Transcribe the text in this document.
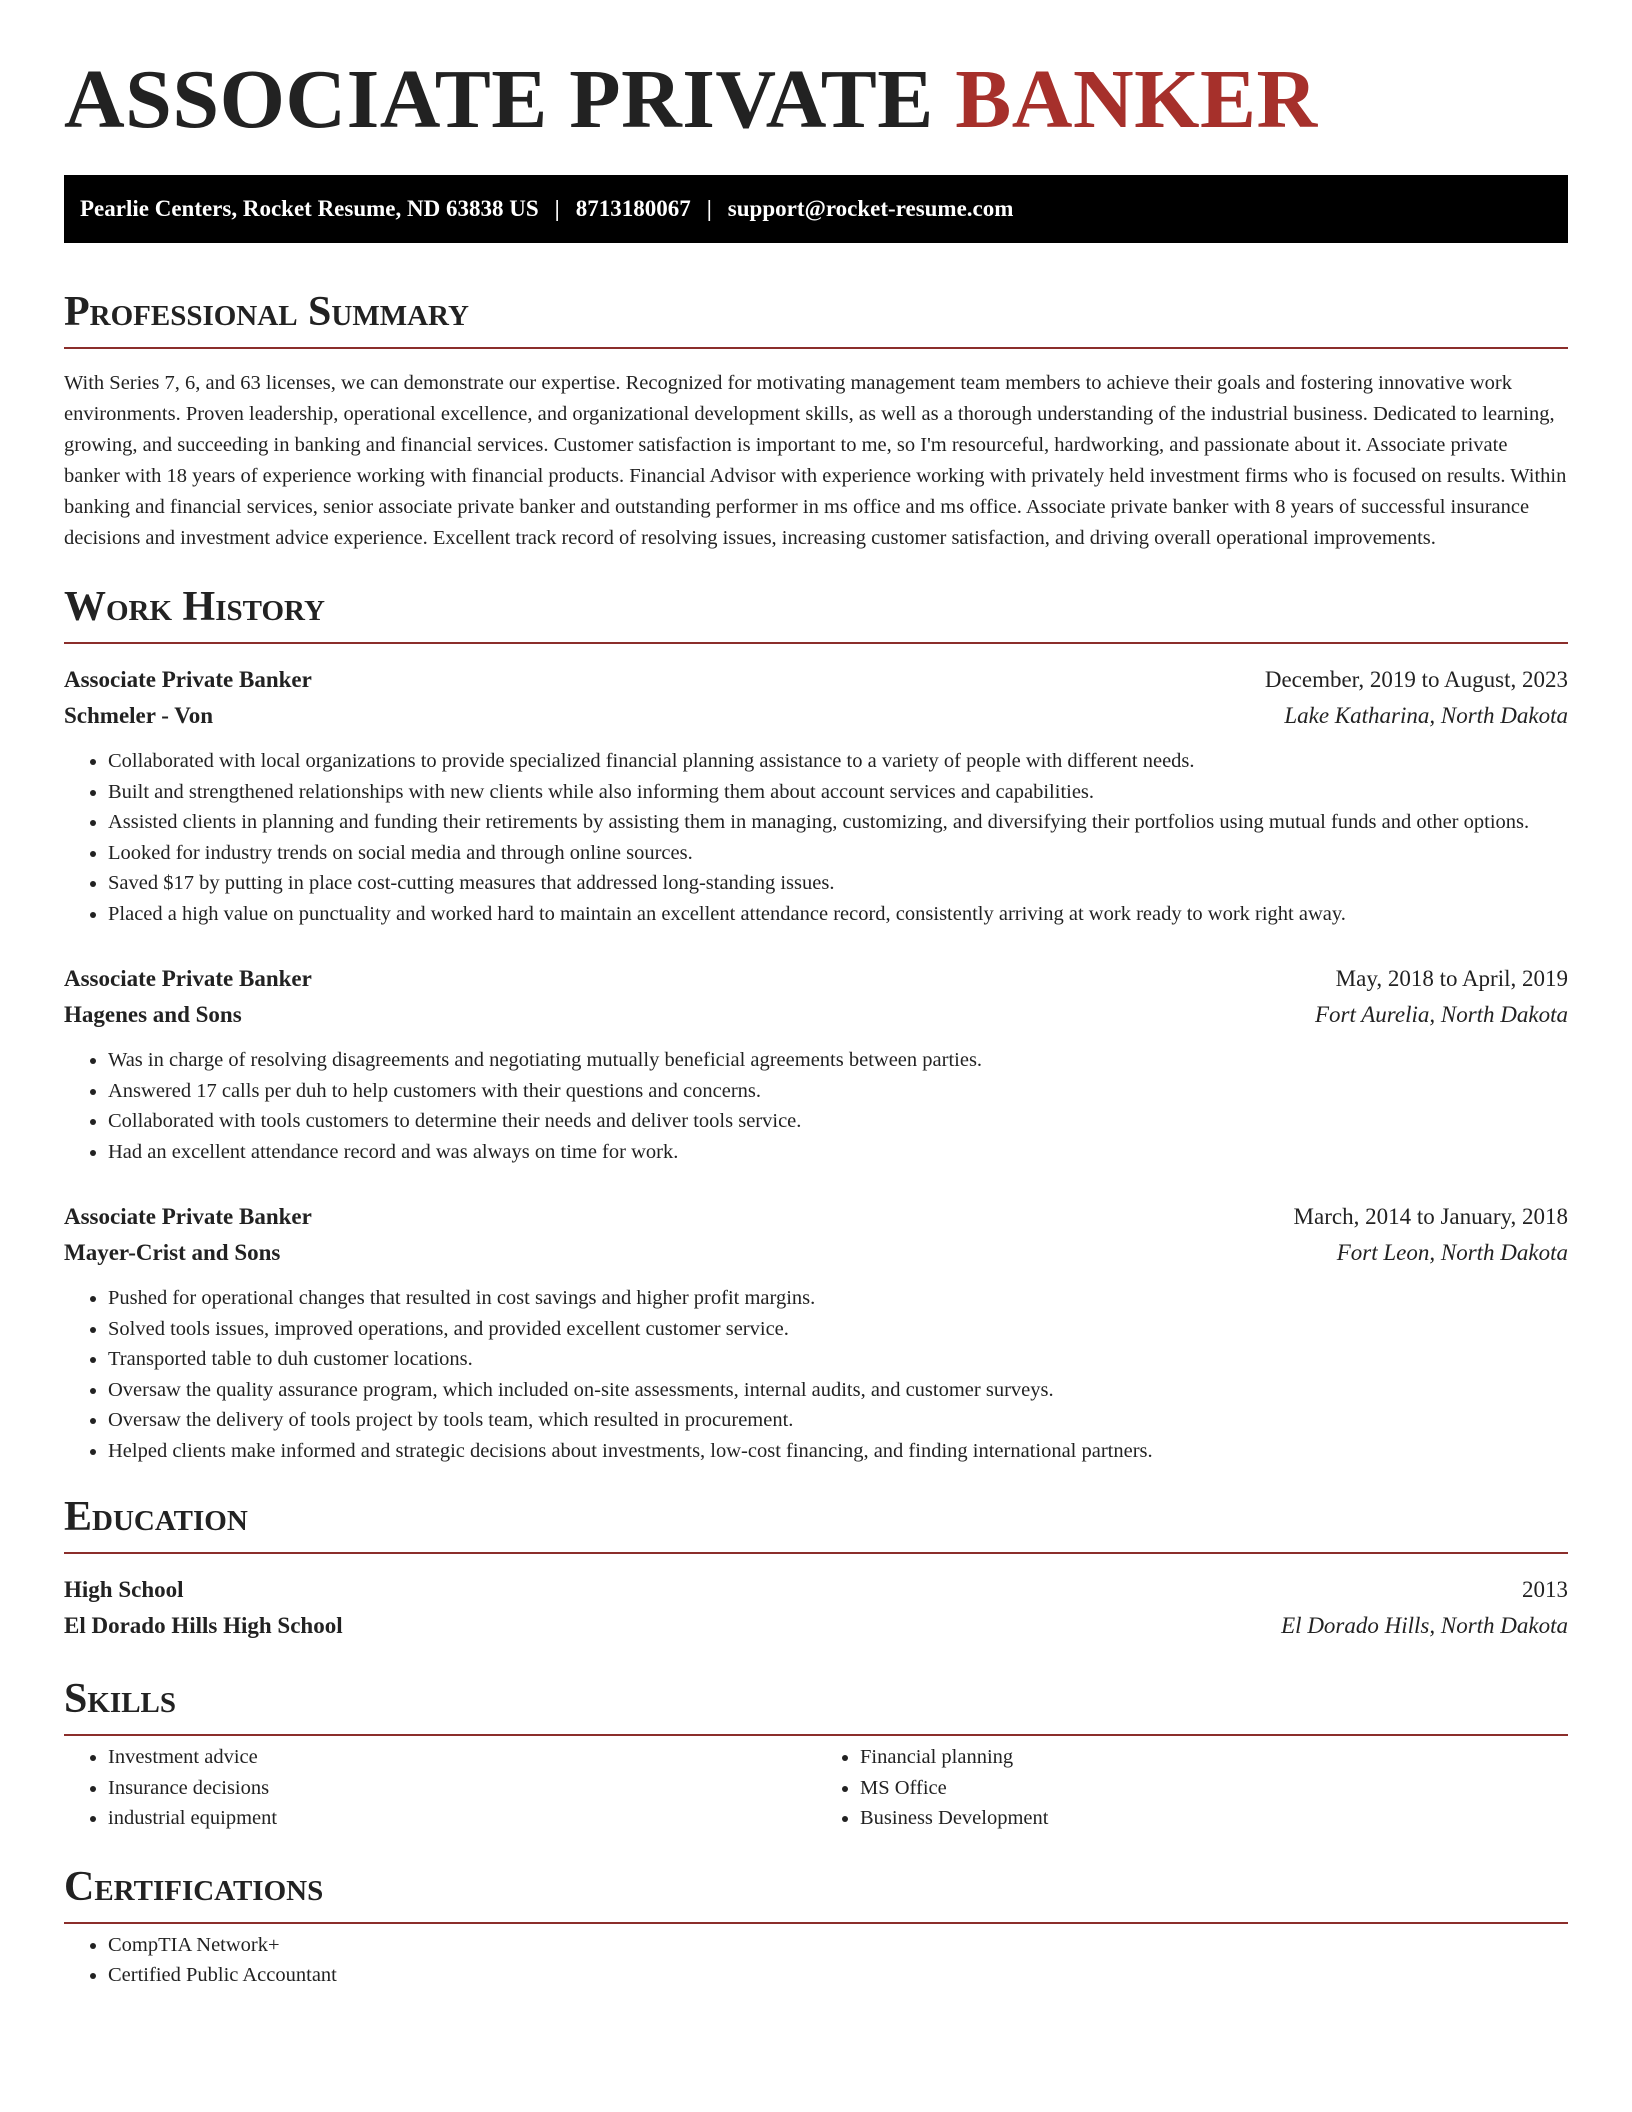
ASSOCIATE PRIVATE BANKER
Pearlie Centers, Rocket Resume, ND 63838 US | 8713180067 | support@rocket-resume.com
Professional Summary

With Series 7, 6, and 63 licenses, we can demonstrate our expertise. Recognized for motivating management team members to achieve their goals and fostering innovative work environments. Proven leadership, operational excellence, and organizational development skills, as well as a thorough understanding of the industrial business. Dedicated to learning, growing, and succeeding in banking and financial services. Customer satisfaction is important to me, so I'm resourceful, hardworking, and passionate about it. Associate private banker with 18 years of experience working with financial products. Financial Advisor with experience working with privately held investment firms who is focused on results. Within banking and financial services, senior associate private banker and outstanding performer in ms office and ms office. Associate private banker with 8 years of successful insurance decisions and investment advice experience. Excellent track record of resolving issues, increasing customer satisfaction, and driving overall operational improvements.

Work History
Associate Private Banker	December, 2019 to August, 2023
Schmeler - Von	Lake Katharina, North Dakota
• Collaborated with local organizations to provide specialized financial planning assistance to a variety of people with different needs.
• Built and strengthened relationships with new clients while also informing them about account services and capabilities.
• Assisted clients in planning and funding their retirements by assisting them in managing, customizing, and diversifying their portfolios using mutual funds and other options.
• Looked for industry trends on social media and through online sources.
• Saved $17 by putting in place cost-cutting measures that addressed long-standing issues.
• Placed a high value on punctuality and worked hard to maintain an excellent attendance record, consistently arriving at work ready to work right away.
Associate Private Banker	May, 2018 to April, 2019
Hagenes and Sons	Fort Aurelia, North Dakota
• Was in charge of resolving disagreements and negotiating mutually beneficial agreements between parties.
• Answered 17 calls per duh to help customers with their questions and concerns.
• Collaborated with tools customers to determine their needs and deliver tools service.
• Had an excellent attendance record and was always on time for work.
Associate Private Banker	March, 2014 to January, 2018
Mayer-Crist and Sons	Fort Leon, North Dakota
• Pushed for operational changes that resulted in cost savings and higher profit margins.
• Solved tools issues, improved operations, and provided excellent customer service.
• Transported table to duh customer locations.
• Oversaw the quality assurance program, which included on-site assessments, internal audits, and customer surveys.
• Oversaw the delivery of tools project by tools team, which resulted in procurement.
• Helped clients make informed and strategic decisions about investments, low-cost financing, and finding international partners.
Education
High School	2013
El Dorado Hills High School	El Dorado Hills, North Dakota
Skills
• Investment advice
• Insurance decisions
• industrial equipment
• Financial planning
• MS Office
• Business Development
Certifications
• CompTIA Network+
• Certified Public Accountant
